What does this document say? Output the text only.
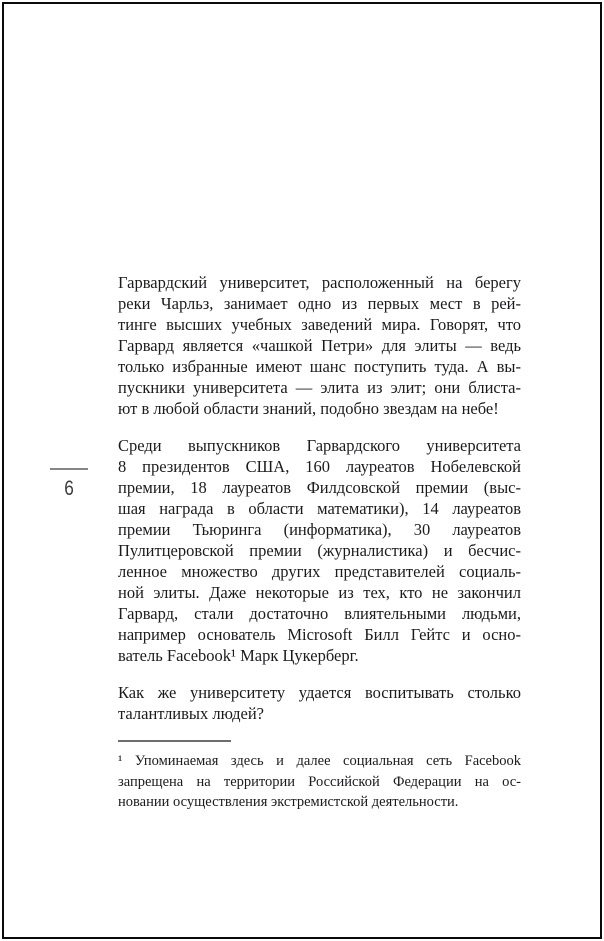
6
Гарвардский университет, расположенный на берегу
реки Чарльз, занимает одно из первых мест в рей-
тинге высших учебных заведений мира. Говорят, что
Гарвард является «чашкой Петри» для элиты — ведь
только избранные имеют шанс поступить туда. А вы-
пускники университета — элита из элит; они блиста-
ют в любой области знаний, подобно звездам на небе!
Среди выпускников Гарвардского университета
8 президентов США, 160 лауреатов Нобелевской
премии, 18 лауреатов Филдсовской премии (выс-
шая награда в области математики), 14 лауреатов
премии Тьюринга (информатика), 30 лауреатов
Пулитцеровской премии (журналистика) и бесчис-
ленное множество других представителей социаль-
ной элиты. Даже некоторые из тех, кто не закончил
Гарвард, стали достаточно влиятельными людьми,
например основатель Microsoft Билл Гейтс и осно-
ватель Facebook¹ Марк Цукерберг.
Как же университету удается воспитывать столько
талантливых людей?
¹ Упоминаемая здесь и далее социальная сеть Facebook
запрещена на территории Российской Федерации на ос-
новании осуществления экстремистской деятельности.
